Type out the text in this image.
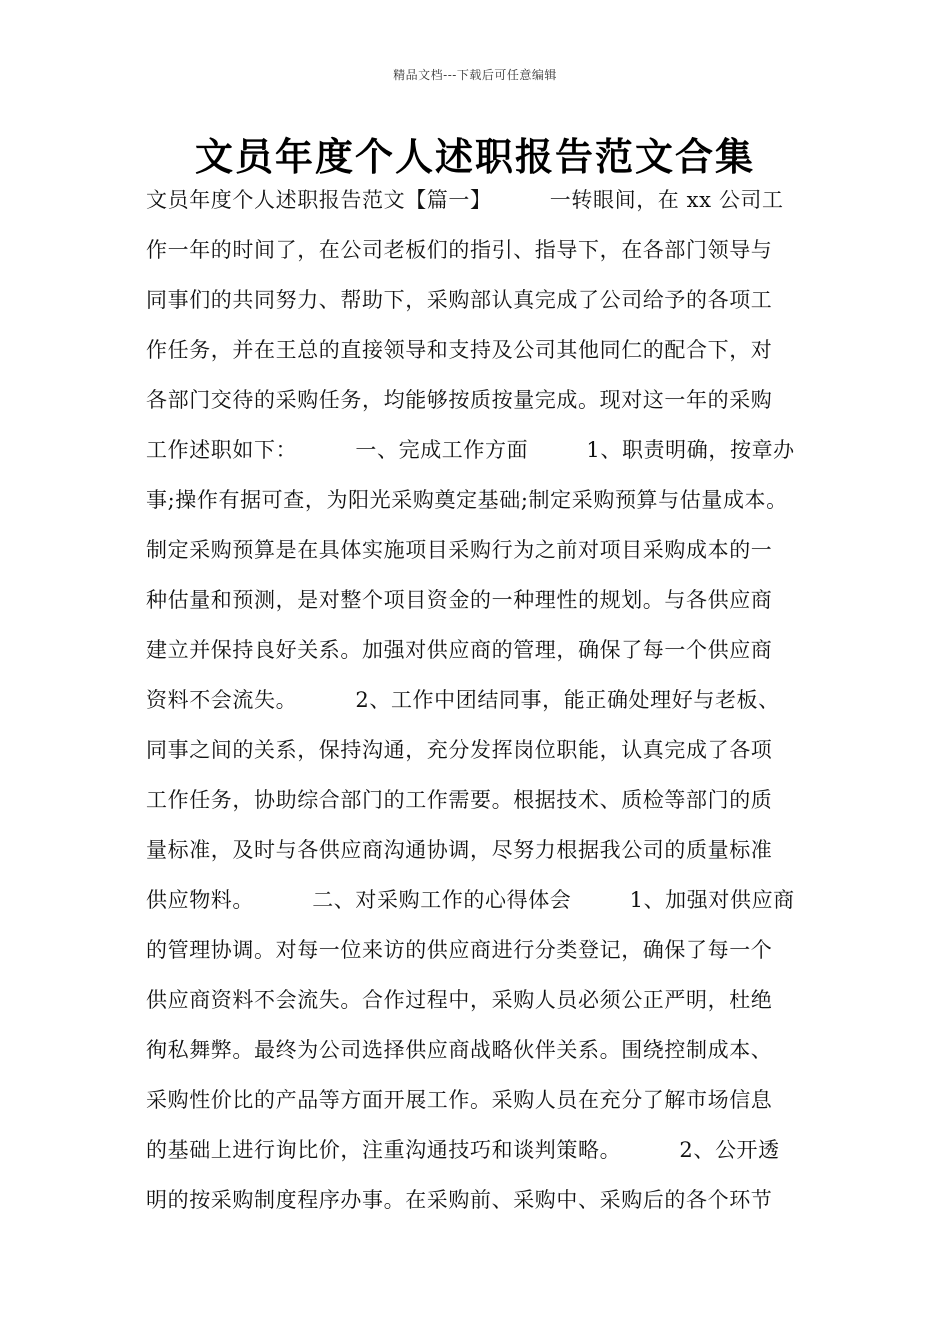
精品文档---下载后可任意编辑
文员年度个人述职报告范文合集
文员年度个人述职报告范文【篇一】        一转眼间，在 xx 公司工
作一年的时间了，在公司老板们的指引、指导下，在各部门领导与
同事们的共同努力、帮助下，采购部认真完成了公司给予的各项工
作任务，并在王总的直接领导和支持及公司其他同仁的配合下，对
各部门交待的采购任务，均能够按质按量完成。现对这一年的采购
工作述职如下：        一、完成工作方面        1、职责明确，按章办
事;操作有据可查，为阳光采购奠定基础;制定采购预算与估量成本。
制定采购预算是在具体实施项目采购行为之前对项目采购成本的一
种估量和预测，是对整个项目资金的一种理性的规划。与各供应商
建立并保持良好关系。加强对供应商的管理，确保了每一个供应商
资料不会流失。        2、工作中团结同事，能正确处理好与老板、
同事之间的关系，保持沟通，充分发挥岗位职能，认真完成了各项
工作任务，协助综合部门的工作需要。根据技术、质检等部门的质
量标准，及时与各供应商沟通协调，尽努力根据我公司的质量标准
供应物料。        二、对采购工作的心得体会        1、加强对供应商
的管理协调。对每一位来访的供应商进行分类登记，确保了每一个
供应商资料不会流失。合作过程中，采购人员必须公正严明，杜绝
徇私舞弊。最终为公司选择供应商战略伙伴关系。围绕控制成本、
采购性价比的产品等方面开展工作。采购人员在充分了解市场信息
的基础上进行询比价，注重沟通技巧和谈判策略。        2、公开透
明的按采购制度程序办事。在采购前、采购中、采购后的各个环节
